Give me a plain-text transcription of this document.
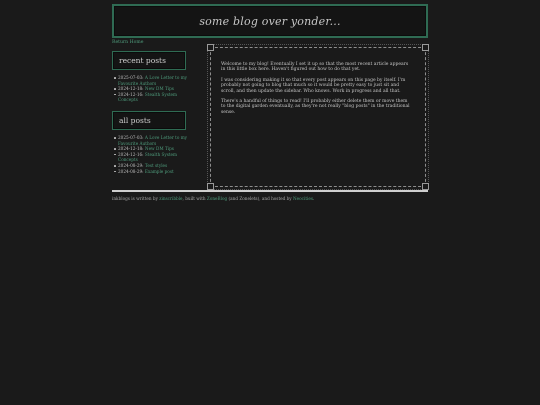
some blog over yonder...
Return Home
recent posts
2025-07-03: A Love Letter to my Favourite Authors
2024-12-18: New DM Tips
2024-12-16: Stealth System Concepts
all posts
2025-07-03: A Love Letter to my Favourite Authors
2024-12-18: New DM Tips
2024-12-16: Stealth System Concepts
2024-08-29: Test styles
2024-08-29: Example post

Welcome to my blog! Eventually I set it up so that the most recent article appears in this little box here. Haven't figured out how to do that yet.

I was considering making it so that every post appears on this page by itself. I'm probably not going to blog that much so it would be pretty easy to just sit and scroll, and then update the sidebar. Who knows. Work in progress and all that.

There's a handful of things to read! I'll probably either delete them or move them to the digital garden eventually, as they're not really "blog posts" in the traditional sense.

inkblogs is written by zinscribble, built with ZoneBlog (and Zonelets), and hosted by Neocities.
